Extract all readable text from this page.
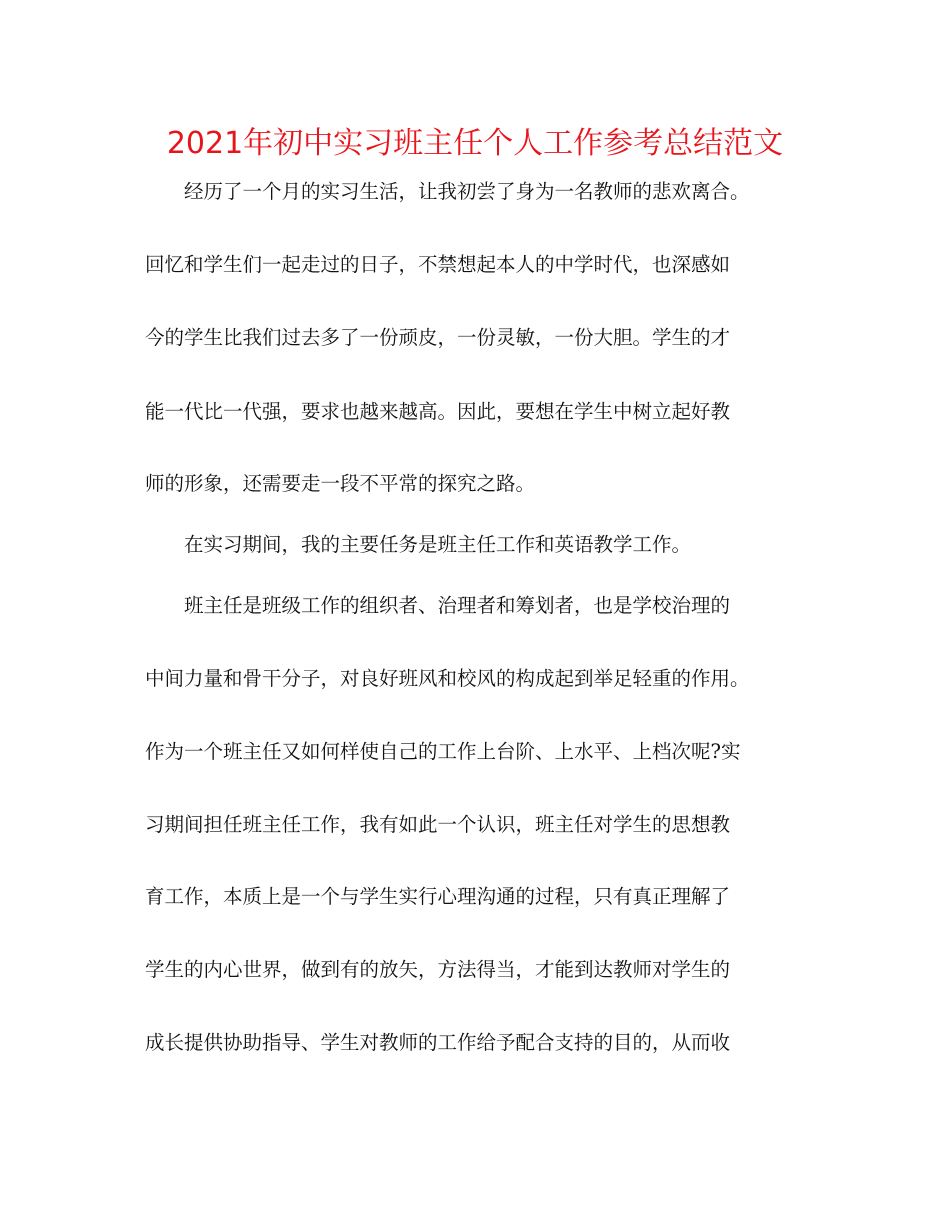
2021年初中实习班主任个人工作参考总结范文
经历了一个月的实习生活，让我初尝了身为一名教师的悲欢离合。
回忆和学生们一起走过的日子，不禁想起本人的中学时代，也深感如
今的学生比我们过去多了一份顽皮，一份灵敏，一份大胆。学生的才
能一代比一代强，要求也越来越高。因此，要想在学生中树立起好教
师的形象，还需要走一段不平常的探究之路。
在实习期间，我的主要任务是班主任工作和英语教学工作。
班主任是班级工作的组织者、治理者和筹划者，也是学校治理的
中间力量和骨干分子，对良好班风和校风的构成起到举足轻重的作用。
作为一个班主任又如何样使自己的工作上台阶、上水平、上档次呢?实
习期间担任班主任工作，我有如此一个认识，班主任对学生的思想教
育工作，本质上是一个与学生实行心理沟通的过程，只有真正理解了
学生的内心世界，做到有的放矢，方法得当，才能到达教师对学生的
成长提供协助指导、学生对教师的工作给予配合支持的目的，从而收
